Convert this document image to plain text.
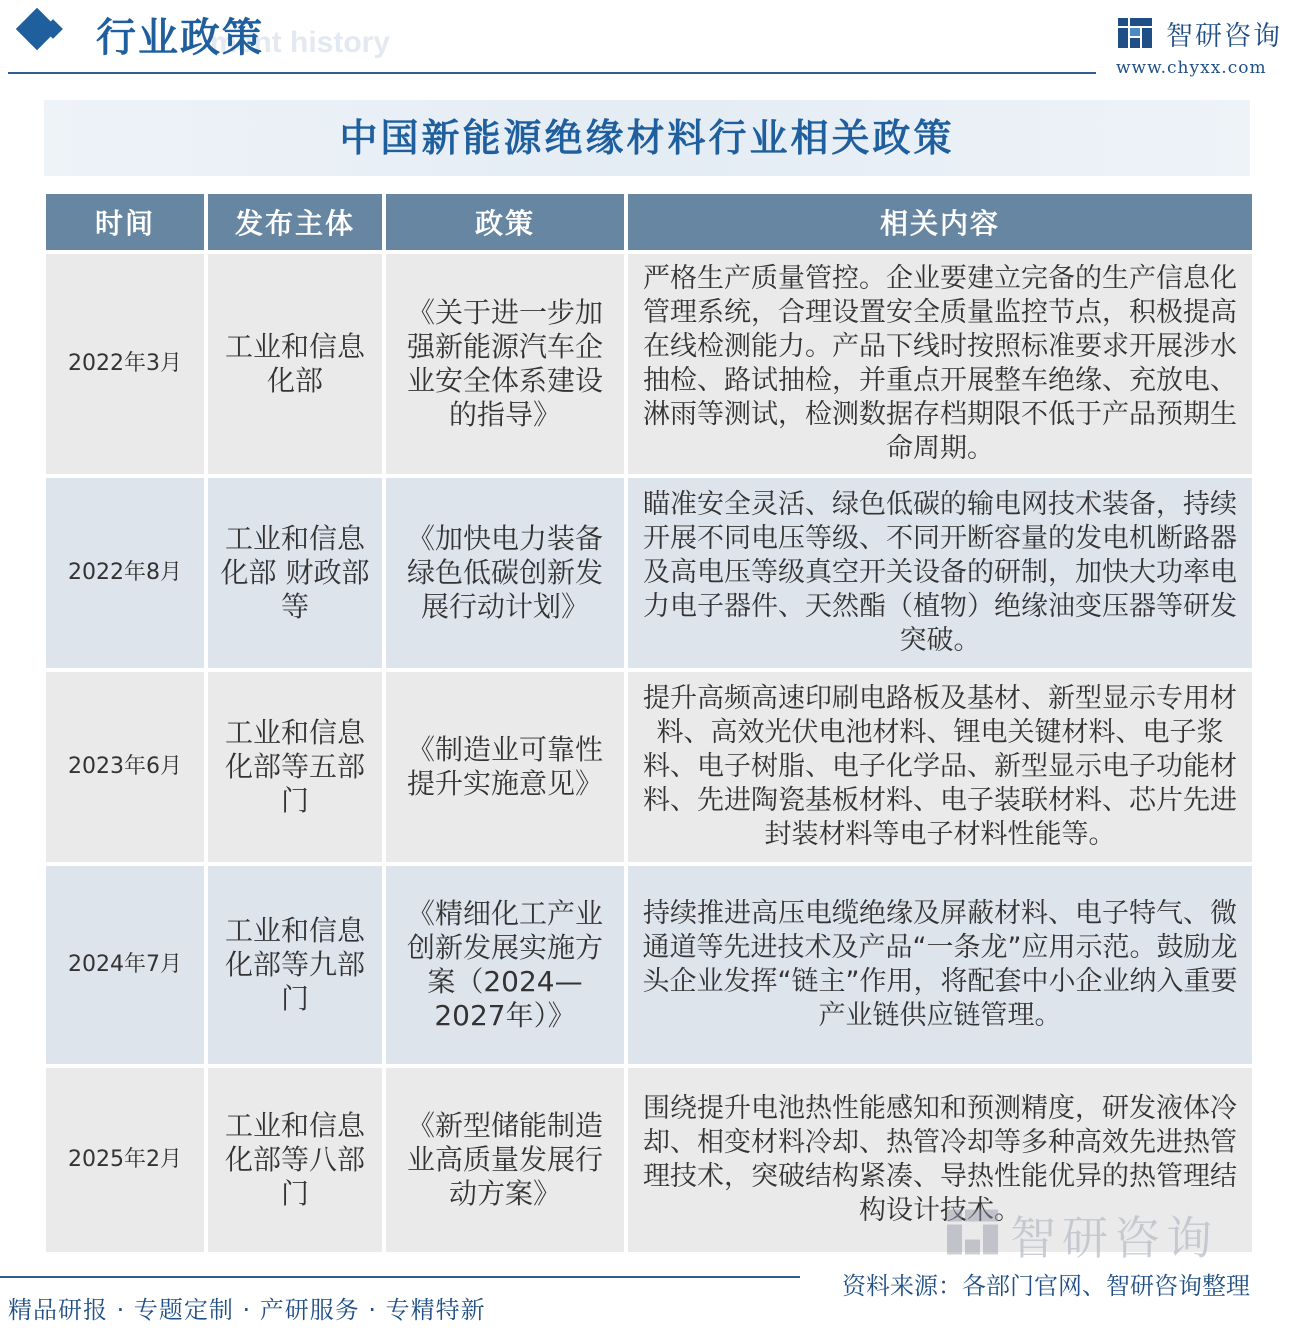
ment history
行业政策	智研咨询
www.chyxx.com
中国新能源绝缘材料行业相关政策
时间	发布主体	政策	相关内容
2022年3月	工业和信息化部	《关于进一步加强新能源汽车企业安全体系建设的指导》	严格生产质量管控。企业要建立完备的生产信息化管理系统，合理设置安全质量监控节点，积极提高在线检测能力。产品下线时按照标准要求开展涉水抽检、路试抽检，并重点开展整车绝缘、充放电、淋雨等测试，检测数据存档期限不低于产品预期生命周期。
2022年8月	工业和信息化部 财政部等	《加快电力装备绿色低碳创新发展行动计划》	瞄准安全灵活、绿色低碳的输电网技术装备，持续开展不同电压等级、不同开断容量的发电机断路器及高电压等级真空开关设备的研制，加快大功率电力电子器件、天然酯（植物）绝缘油变压器等研发突破。
2023年6月	工业和信息化部等五部门	《制造业可靠性提升实施意见》	提升高频高速印刷电路板及基材、新型显示专用材料、高效光伏电池材料、锂电关键材料、电子浆料、电子树脂、电子化学品、新型显示电子功能材料、先进陶瓷基板材料、电子装联材料、芯片先进封装材料等电子材料性能等。
2024年7月	工业和信息化部等九部门	《精细化工产业创新发展实施方案（2024—2027年）》	持续推进高压电缆绝缘及屏蔽材料、电子特气、微通道等先进技术及产品“一条龙”应用示范。鼓励龙头企业发挥“链主”作用，将配套中小企业纳入重要产业链供应链管理。
2025年2月	工业和信息化部等八部门	《新型储能制造业高质量发展行动方案》	围绕提升电池热性能感知和预测精度，研发液体冷却、相变材料冷却、热管冷却等多种高效先进热管理技术，突破结构紧凑、导热性能优异的热管理结构设计技术。
智研咨询
精品研报 · 专题定制 · 产研服务 · 专精特新
资料来源：各部门官网、智研咨询整理
